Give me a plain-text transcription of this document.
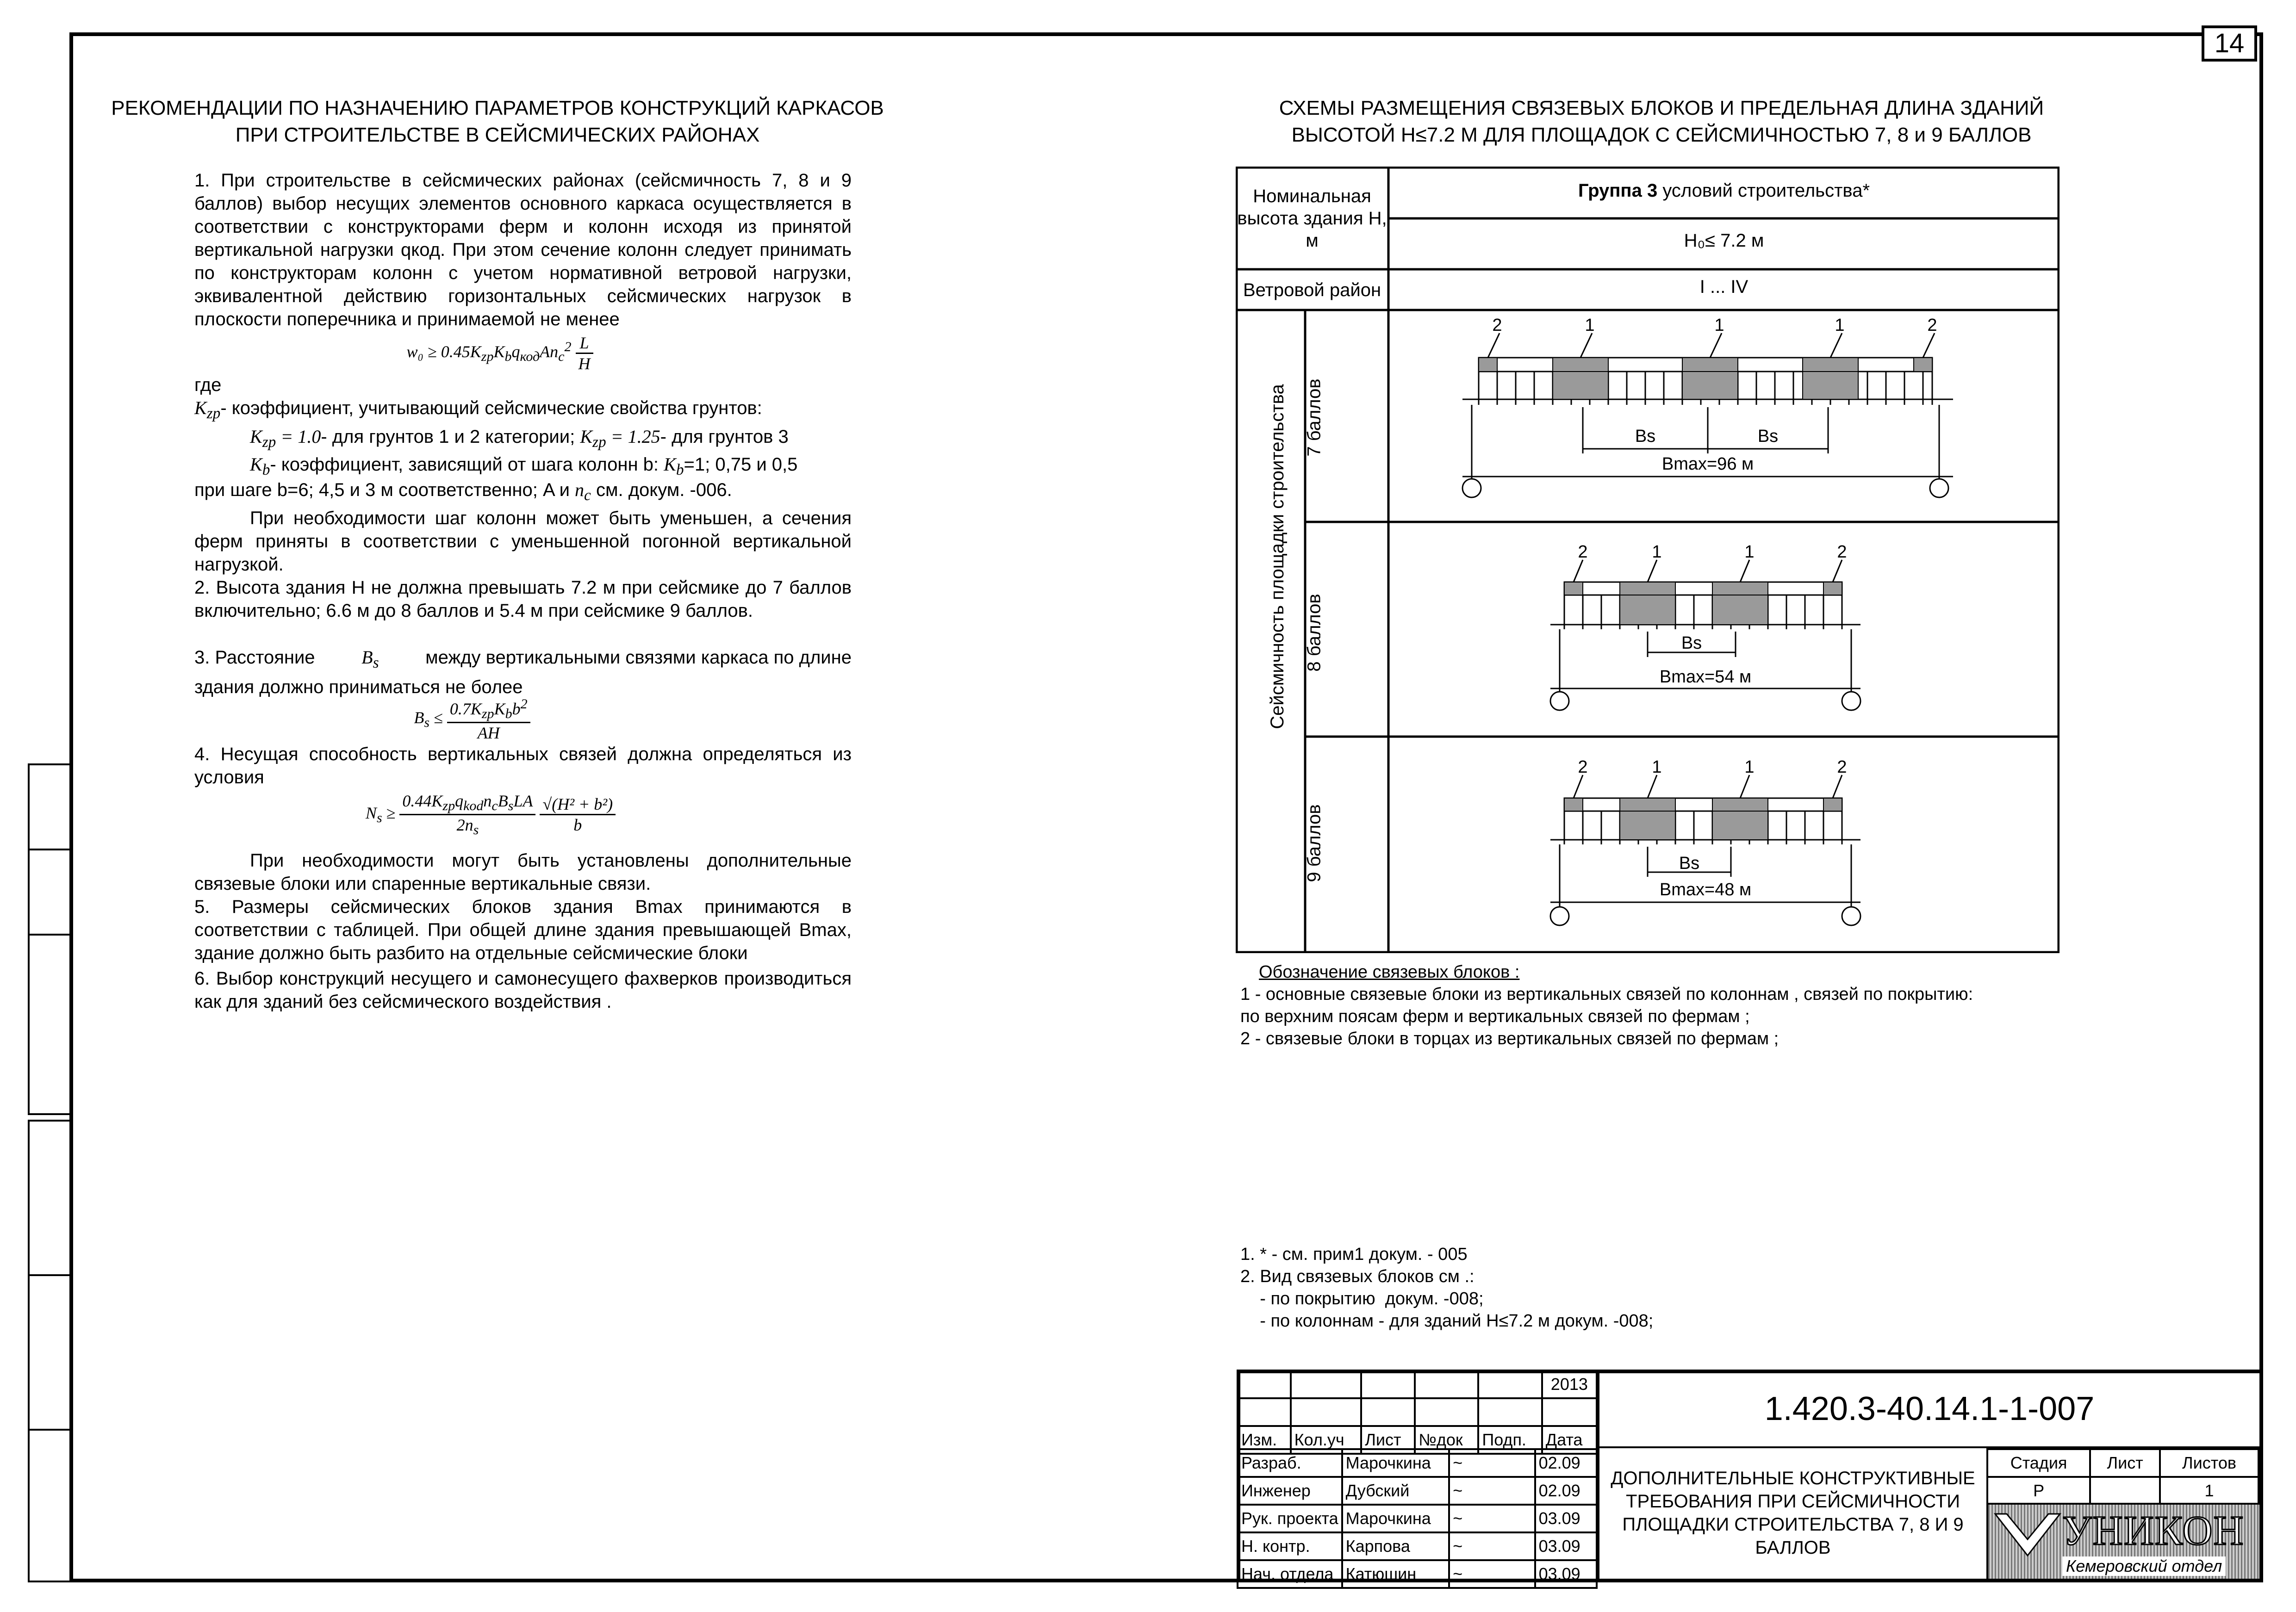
14
РЕКОМЕНДАЦИИ ПО НАЗНАЧЕНИЮ ПАРАМЕТРОВ КОНСТРУКЦИЙ КАРКАСОВ
ПРИ СТРОИТЕЛЬСТВЕ В СЕЙСМИЧЕСКИХ РАЙОНАХ
1. При строительстве в сейсмических районах (сейсмичность 7, 8 и 9 баллов) выбор несущих элементов основного каркаса осуществляется в соответствии с конструкторами ферм и колонн исходя из принятой вертикальной нагрузки qкод. При этом сечение колонн следует принимать по конструкторам колонн с учетом нормативной ветровой нагрузки, эквивалентной действию горизонтальных сейсмических нагрузок в плоскости поперечника и принимаемой не менее
$w_0 \ge 0.45K_{zp}K_bq_{код}An_c^2 \frac{L}{H}$
где
$K_{zp}-$ коэффициент, учитывающий сейсмические свойства грунтов:
$K_{zp} = 1.0-$ для грунтов 1 и 2 категории; $K_{zp} = 1.25-$ для грунтов 3
$K_b-$ коэффициент, зависящий от шага колонн b: $K_b=1$; 0,75 и 0,5
при шаге b=6; 4,5 и 3 м соответственно; A и $n_c$ см. докум. -006.
При необходимости шаг колонн может быть уменьшен, а сечения ферм приняты в соответствии с уменьшенной погонной вертикальной нагрузкой.
2. Высота здания H не должна превышать 7.2 м при сейсмике до 7 баллов включительно; 6.6 м до 8 баллов и 5.4 м при сейсмике 9 баллов.
3. Расстояние	$B_s$	между вертикальными связями каркаса по длине
здания должно приниматься не более
$B_s \le \frac{0.7K_{zp}K_bb^2}{AH}$
4. Несущая способность вертикальных связей должна определяться из условия
$N_s \ge \frac{0.44K_{zp}q_{kod}n_cB_sLA}{2n_s}$
$\frac{\text{√(H² + b²)}}{b}$
При необходимости могут быть установлены дополнительные связевые блоки или спаренные вертикальные связи.
5. Размеры сейсмических блоков здания Bmax принимаются в соответствии с таблицей. При общей длине здания превышающей Bmax, здание должно быть разбито на отдельные сейсмические блоки
6. Выбор конструкций несущего и самонесущего фахверков производиться как для зданий без сейсмического воздействия .
СХЕМЫ РАЗМЕЩЕНИЯ СВЯЗЕВЫХ БЛОКОВ И ПРЕДЕЛЬНАЯ ДЛИНА ЗДАНИЙ
ВЫСОТОЙ Н≤7.2 М ДЛЯ ПЛОЩАДОК С СЕЙСМИЧНОСТЬЮ 7, 8 и 9 БАЛЛОВ
Номинальная высота здания Н, м
Группа 3 условий строительства*
Н₀≤ 7.2 м
Ветровой район	I ... IV
Сейсмичность площадки строительства 7 баллов
8 баллов
9 баллов
2	2
1	1	1
Bs	Bs
Bmax=96 м
2	2
1	1
Bs
Bmax=54 м
2	2
1	1
Bs
Bmax=48 м
Обозначение связевых блоков :
1 - основные связевые блоки из вертикальных связей по колоннам , связей по покрытию:
по верхним поясам ферм и вертикальных связей по фермам ;
2 - связевые блоки в торцах из вертикальных связей по фермам ;
1. * - см. прим1 докум. - 005
2. Вид связевых блоков см .:
- по покрытию  докум. -008;
- по колоннам - для зданий Н≤7.2 м докум. -008;
					2013

Изм.	Кол.уч	Лист	№док	Подп.	Дата
Разраб.	Марочкина	~	02.09
Инженер	Дубский	~	02.09
Рук. проекта	Марочкина	~	03.09
Н. контр.	Карпова	~	03.09
Нач. отдела	Катюшин	~	03.09
1.420.3-40.14.1-1-007
ДОПОЛНИТЕЛЬНЫЕ КОНСТРУКТИВНЫЕ ТРЕБОВАНИЯ ПРИ СЕЙСМИЧНОСТИ ПЛОЩАДКИ СТРОИТЕЛЬСТВА 7, 8 И 9 БАЛЛОВ
Стадия	Лист	Листов
Р		1
УНИКОН
Кемеровский отдел
